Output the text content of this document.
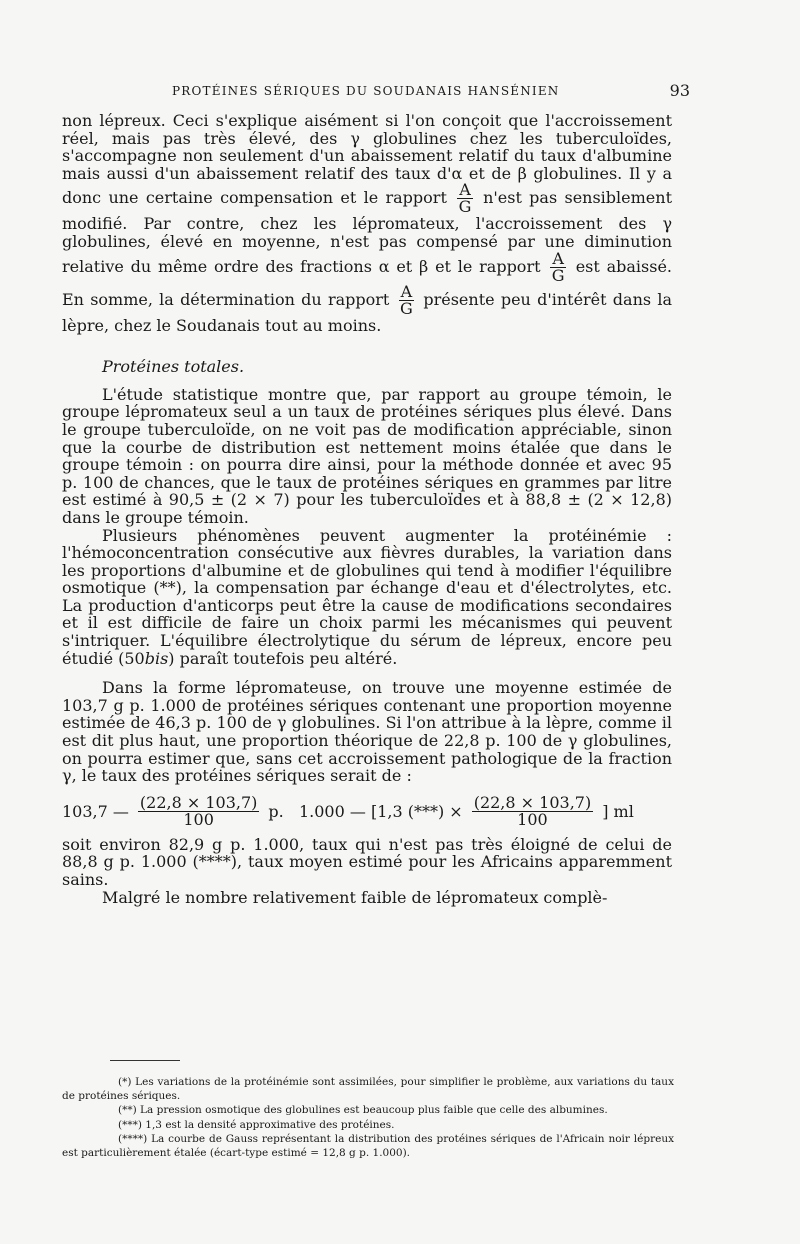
PROTÉINES SÉRIQUES DU SOUDANAIS HANSÉNIEN	93

non lépreux. Ceci s'explique aisément si l'on conçoit que l'accroissement réel, mais pas très élevé, des γ globulines chez les tuberculoïdes, s'accompagne non seulement d'un abaissement relatif du taux d'albumine mais aussi d'un abaissement relatif des taux d'α et de β globulines. Il y a donc une certaine compensation et le rapport $\frac{A}{G} n'est$ pas sensiblement modifié. Par contre, chez les lépromateux, l'accroissement des γ globulines, élevé en moyenne, n'est pas compensé par une diminution relative du même ordre des fractions α et β et le rapport $\frac{A}{G}$ est abaissé. En somme, la détermination du rapport $\frac{A}{G}$ présente peu d'intérêt dans la lèpre, chez le Soudanais tout au moins.

Protéines totales.

L'étude statistique montre que, par rapport au groupe témoin, le groupe lépromateux seul a un taux de protéines sériques plus élevé. Dans le groupe tuberculoïde, on ne voit pas de modification appréciable, sinon que la courbe de distribution est nettement moins étalée que dans le groupe témoin : on pourra dire ainsi, pour la méthode donnée et avec 95 p. 100 de chances, que le taux de protéines sériques en grammes par litre est estimé à 90,5 ± (2 × 7) pour les tuberculoïdes et à 88,8 ± (2 × 12,8) dans le groupe témoin.

Plusieurs phénomènes peuvent augmenter la protéinémie : l'hémoconcentration consécutive aux fièvres durables, la variation dans les proportions d'albumine et de globulines qui tend à modifier l'équilibre osmotique (**), la compensation par échange d'eau et d'électrolytes, etc. La production d'anticorps peut être la cause de modifications secondaires et il est difficile de faire un choix parmi les mécanismes qui peuvent s'intriquer. L'équilibre électrolytique du sérum de lépreux, encore peu étudié (50bis) paraît toutefois peu altéré.

Dans la forme lépromateuse, on trouve une moyenne estimée de 103,7 g p. 1.000 de protéines sériques contenant une proportion moyenne estimée de 46,3 p. 100 de γ globulines. Si l'on attribue à la lèpre, comme il est dit plus haut, une proportion théorique de 22,8 p. 100 de γ globulines, on pourra estimer que, sans cet accroissement pathologique de la fraction γ, le taux des protéines sériques serait de :

103,7 — $\frac{(22,8 \times 103,7)}{100} p$.   1.000 — [1,3 (***) × $\frac{(22,8 \times 103,7)}{100}$ ] ml

soit environ 82,9 g p. 1.000, taux qui n'est pas très éloigné de celui de 88,8 g p. 1.000 (****), taux moyen estimé pour les Africains apparemment sains.

Malgré le nombre relativement faible de lépromateux complè-

(*) Les variations de la protéinémie sont assimilées, pour simplifier le problème, aux variations du taux de protéines sériques.

(**) La pression osmotique des globulines est beaucoup plus faible que celle des albumines.

(***) 1,3 est la densité approximative des protéines.

(****) La courbe de Gauss représentant la distribution des protéines sériques de l'Africain noir lépreux est particulièrement étalée (écart-type estimé = 12,8 g p. 1.000).
